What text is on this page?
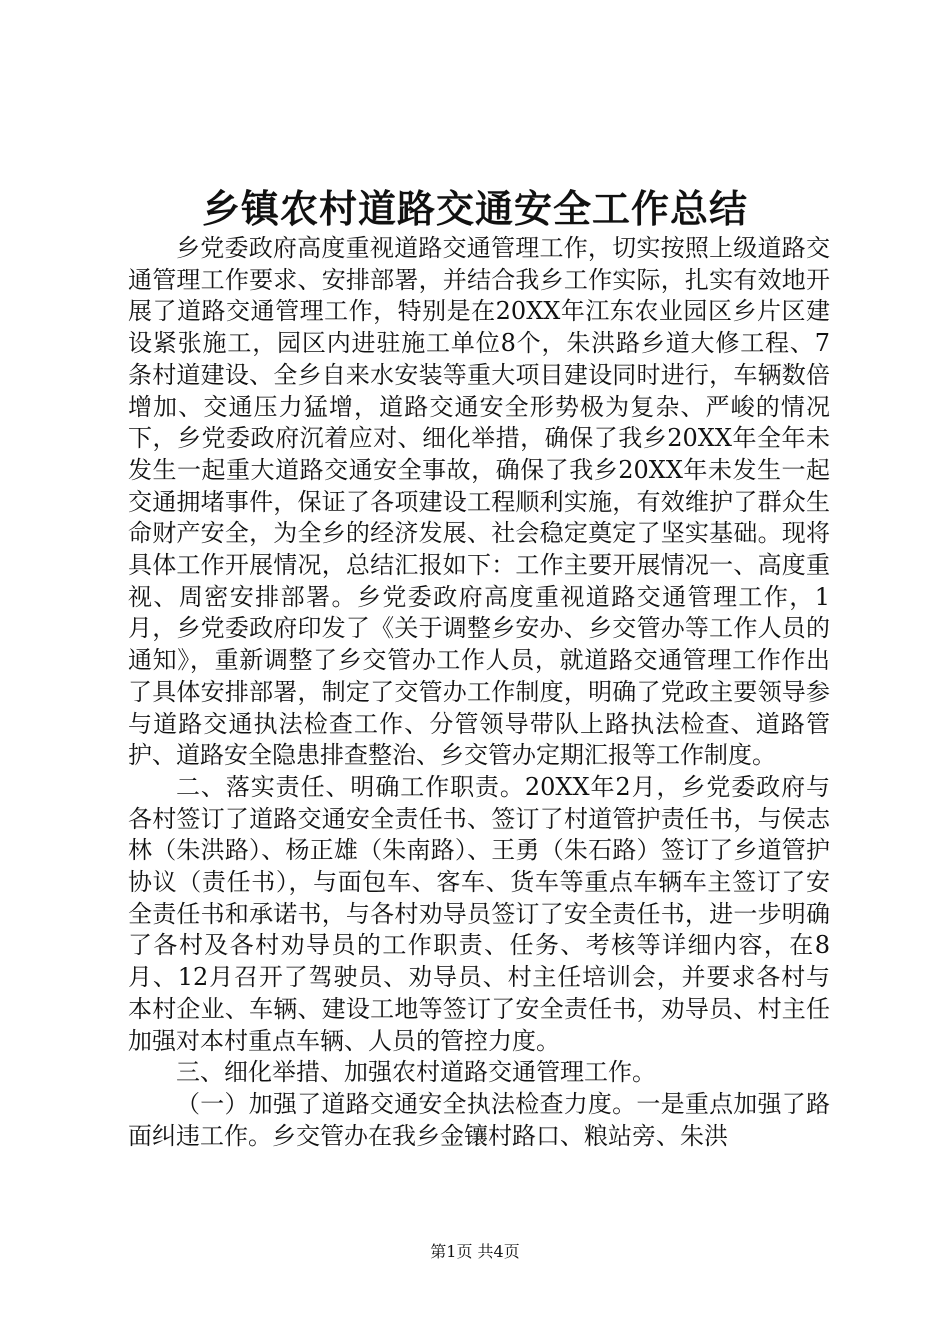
乡镇农村道路交通安全工作总结

乡党委政府高度重视道路交通管理工作，切实按照上级道路交通管理工作要求、安排部署，并结合我乡工作实际，扎实有效地开展了道路交通管理工作，特别是在20XX年江东农业园区乡片区建设紧张施工，园区内进驻施工单位8个，朱洪路乡道大修工程、7条村道建设、全乡自来水安装等重大项目建设同时进行，车辆数倍增加、交通压力猛增，道路交通安全形势极为复杂、严峻的情况下，乡党委政府沉着应对、细化举措，确保了我乡20XX年全年未发生一起重大道路交通安全事故，确保了我乡20XX年未发生一起交通拥堵事件，保证了各项建设工程顺利实施，有效维护了群众生命财产安全，为全乡的经济发展、社会稳定奠定了坚实基础。现将具体工作开展情况，总结汇报如下：工作主要开展情况一、高度重视、周密安排部署。乡党委政府高度重视道路交通管理工作，1月，乡党委政府印发了《关于调整乡安办、乡交管办等工作人员的通知》，重新调整了乡交管办工作人员，就道路交通管理工作作出了具体安排部署，制定了交管办工作制度，明确了党政主要领导参与道路交通执法检查工作、分管领导带队上路执法检查、道路管护、道路安全隐患排查整治、乡交管办定期汇报等工作制度。

二、落实责任、明确工作职责。20XX年2月，乡党委政府与各村签订了道路交通安全责任书、签订了村道管护责任书，与侯志林（朱洪路）、杨正雄（朱南路）、王勇（朱石路）签订了乡道管护协议（责任书），与面包车、客车、货车等重点车辆车主签订了安全责任书和承诺书，与各村劝导员签订了安全责任书，进一步明确了各村及各村劝导员的工作职责、任务、考核等详细内容，在8月、12月召开了驾驶员、劝导员、村主任培训会，并要求各村与本村企业、车辆、建设工地等签订了安全责任书，劝导员、村主任加强对本村重点车辆、人员的管控力度。

三、细化举措、加强农村道路交通管理工作。

（一）加强了道路交通安全执法检查力度。一是重点加强了路面纠违工作。乡交管办在我乡金镶村路口、粮站旁、朱洪

第1页 共4页
